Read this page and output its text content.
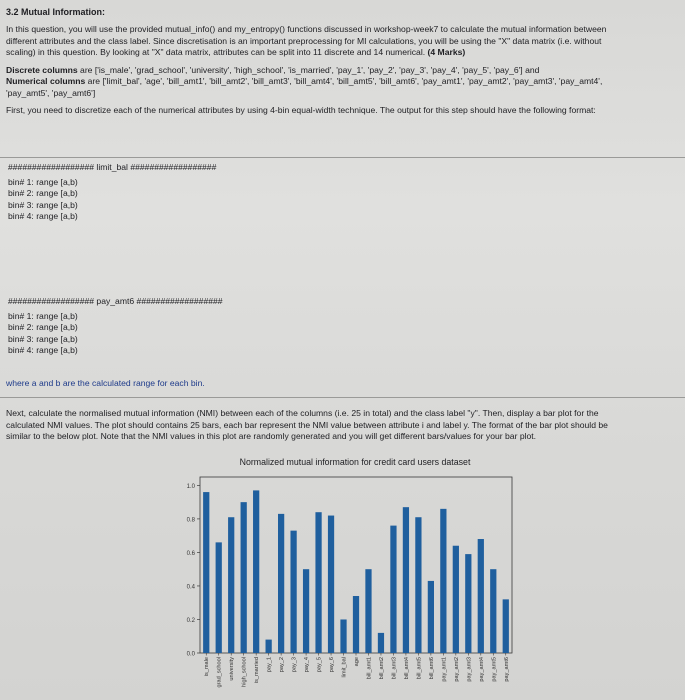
3.2 Mutual Information:
In this question, you will use the provided mutual_info() and my_entropy() functions discussed in workshop-week7 to calculate the mutual information between
different attributes and the class label. Since discretisation is an important preprocessing for MI calculations, you will be using the "X" data matrix (i.e. without
scaling) in this question. By looking at "X" data matrix, attributes can be split into 11 discrete and 14 numerical. (4 Marks)
Discrete columns are ['is_male', 'grad_school', 'university', 'high_school', 'is_married', 'pay_1', 'pay_2', 'pay_3', 'pay_4', 'pay_5', 'pay_6'] and
Numerical columns are ['limit_bal', 'age', 'bill_amt1', 'bill_amt2', 'bill_amt3', 'bill_amt4', 'bill_amt5', 'bill_amt6', 'pay_amt1', 'pay_amt2', 'pay_amt3', 'pay_amt4',
'pay_amt5', 'pay_amt6']
First, you need to discretize each of the numerical attributes by using 4-bin equal-width technique. The output for this step should have the following format:
################## limit_bal ##################
bin# 1: range [a,b)
bin# 2: range [a,b)
bin# 3: range [a,b)
bin# 4: range [a,b)
################## pay_amt6 ##################
bin# 1: range [a,b)
bin# 2: range [a,b)
bin# 3: range [a,b)
bin# 4: range [a,b)
where a and b are the calculated range for each bin.
Next, calculate the normalised mutual information (NMI) between each of the columns (i.e. 25 in total) and the class label "y". Then, display a bar plot for the
calculated NMI values. The plot should contains 25 bars, each bar represent the NMI value between attribute i and label y. The format of the bar plot should be
similar to the below plot. Note that the NMI values in this plot are randomly generated and you will get different bars/values for your bar plot.
Normalized mutual information for credit card users dataset
0.0
0.2
0.4
0.6
0.8
1.0
is_male grad_school university high_school is_married pay_1 pay_2 pay_3 pay_4 pay_5 pay_6 limit_bal age bill_amt1 bill_amt2 bill_amt3 bill_amt4 bill_amt5 bill_amt6 pay_amt1 pay_amt2 pay_amt3 pay_amt4 pay_amt5 pay_amt6
